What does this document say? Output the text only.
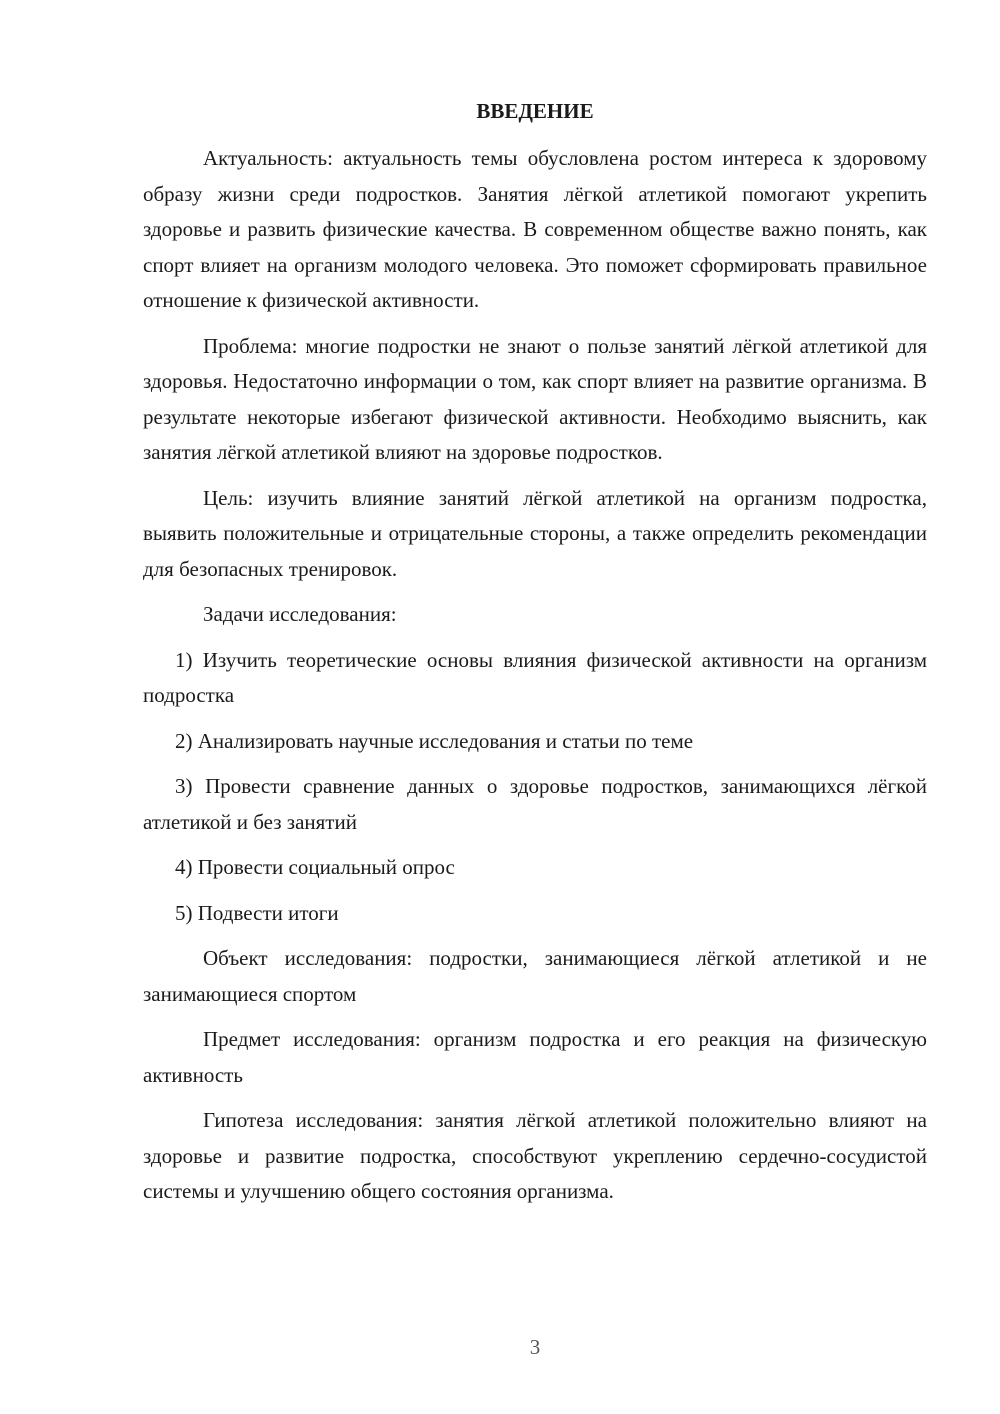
ВВЕДЕНИЕ

Актуальность: актуальность темы обусловлена ростом интереса к здоровому образу жизни среди подростков. Занятия лёгкой атлетикой помогают укрепить здоровье и развить физические качества. В современном обществе важно понять, как спорт влияет на организм молодого человека. Это поможет сформировать правильное отношение к физической активности.

Проблема: многие подростки не знают о пользе занятий лёгкой атлетикой для здоровья. Недостаточно информации о том, как спорт влияет на развитие организма. В результате некоторые избегают физической активности. Необходимо выяснить, как занятия лёгкой атлетикой влияют на здоровье подростков.

Цель: изучить влияние занятий лёгкой атлетикой на организм подростка, выявить положительные и отрицательные стороны, а также определить рекомендации для безопасных тренировок.

Задачи исследования:

1) Изучить теоретические основы влияния физической активности на организм подростка

2) Анализировать научные исследования и статьи по теме

3) Провести сравнение данных о здоровье подростков, занимающихся лёгкой атлетикой и без занятий

4) Провести социальный опрос

5) Подвести итоги

Объект исследования: подростки, занимающиеся лёгкой атлетикой и не занимающиеся спортом

Предмет исследования: организм подростка и его реакция на физическую активность

Гипотеза исследования: занятия лёгкой атлетикой положительно влияют на здоровье и развитие подростка, способствуют укреплению сердечно-сосудистой системы и улучшению общего состояния организма.

3
